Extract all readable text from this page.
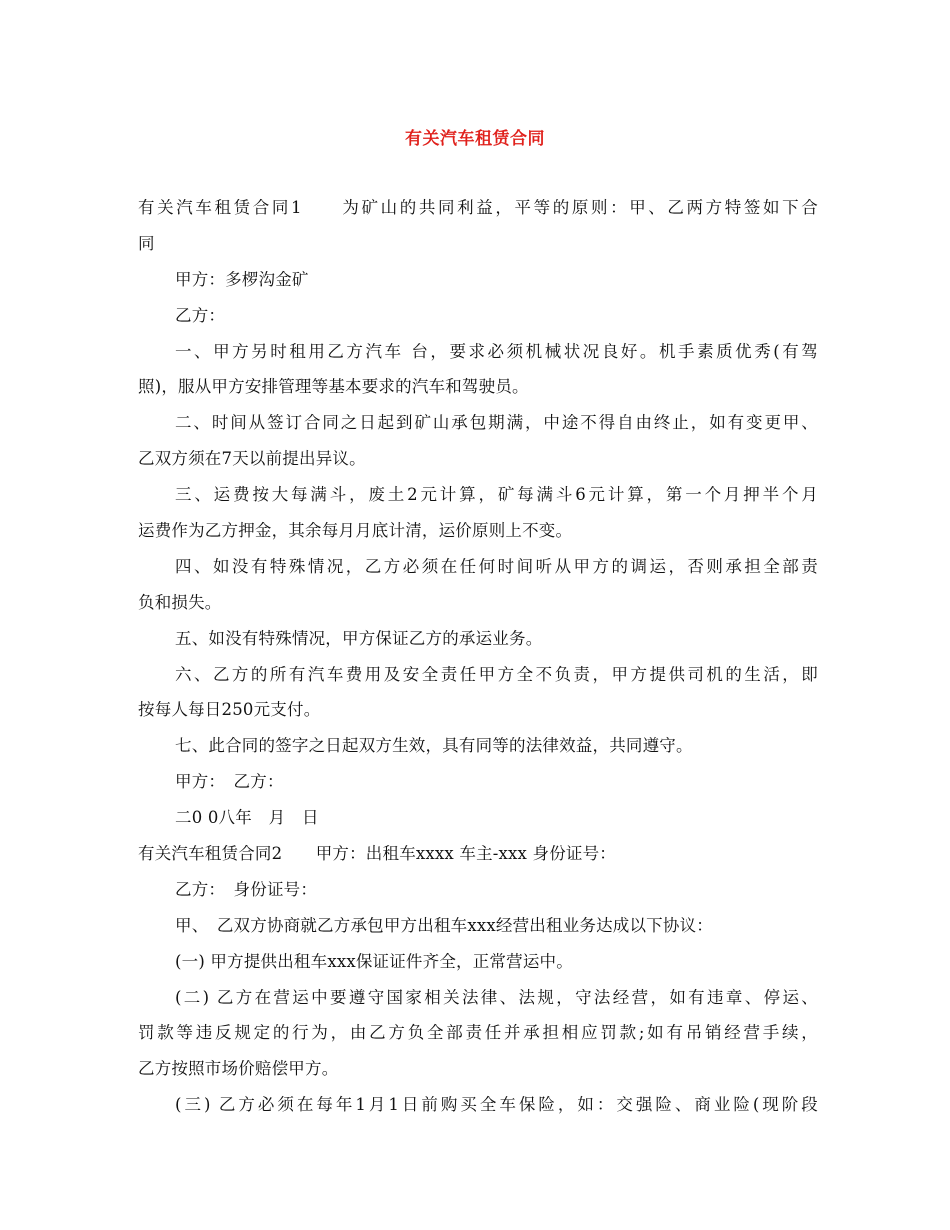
有关汽车租赁合同
有关汽车租赁合同1　　为矿山的共同利益，平等的原则：甲、乙两方特签如下合
同
甲方：多椤沟金矿
乙方：
一、甲方另时租用乙方汽车 台，要求必须机械状况良好。机手素质优秀(有驾
照)，服从甲方安排管理等基本要求的汽车和驾驶员。
二、时间从签订合同之日起到矿山承包期满，中途不得自由终止，如有变更甲、
乙双方须在7天以前提出异议。
三、运费按大每满斗，废土2元计算，矿每满斗6元计算，第一个月押半个月
运费作为乙方押金，其余每月月底计清，运价原则上不变。
四、如没有特殊情况，乙方必须在任何时间听从甲方的调运，否则承担全部责
负和损失。
五、如没有特殊情况，甲方保证乙方的承运业务。
六、乙方的所有汽车费用及安全责任甲方全不负责，甲方提供司机的生活，即
按每人每日250元支付。
七、此合同的签字之日起双方生效，具有同等的法律效益，共同遵守。
甲方：　乙方：
二0 0八年　月　日
有关汽车租赁合同2　　甲方：出租车xxxx 车主-xxx 身份证号：
乙方：　身份证号：
甲、　乙双方协商就乙方承包甲方出租车xxx经营出租业务达成以下协议：
(一) 甲方提供出租车xxx保证证件齐全，正常营运中。
(二) 乙方在营运中要遵守国家相关法律、法规，守法经营，如有违章、停运、
罚款等违反规定的行为，由乙方负全部责任并承担相应罚款;如有吊销经营手续，
乙方按照市场价赔偿甲方。
(三) 乙方必须在每年1月1日前购买全车保险，如：交强险、商业险(现阶段
